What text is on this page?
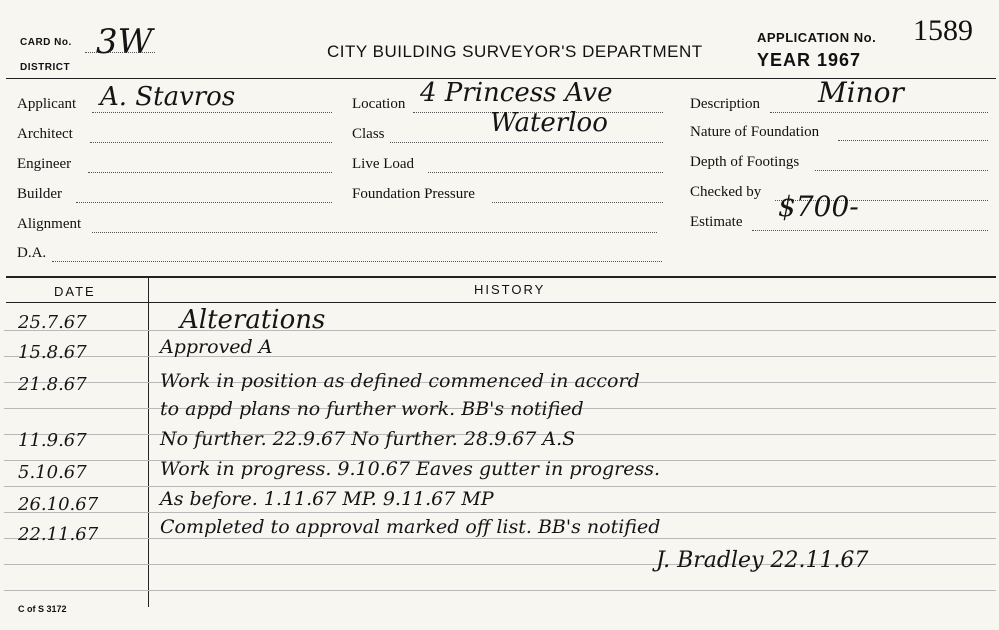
CARD No.
DISTRICT
3W	CITY BUILDING SURVEYOR'S DEPARTMENT
APPLICATION No. 1589
YEAR 1967
Applicant A. Stavros
Architect
Engineer
Builder
Alignment
D.A.
Location 4 Princess Ave
Class	Waterloo
Live Load
Foundation Pressure
Description Minor
Nature of Foundation
Depth of Footings
Checked by
Estimate $700-
DATE	HISTORY
25.7.67	Alterations
15.8.67	Approved A
21.8.67	Work in position as defined commenced in accord
to appd plans no further work. BB's notified
11.9.67	No further. 22.9.67 No further. 28.9.67 A.S
5.10.67	Work in progress. 9.10.67 Eaves gutter in progress.
26.10.67	As before. 1.11.67 MP. 9.11.67 MP
22.11.67	Completed to approval marked off list. BB's notified
J. Bradley 22.11.67
C of S 3172
